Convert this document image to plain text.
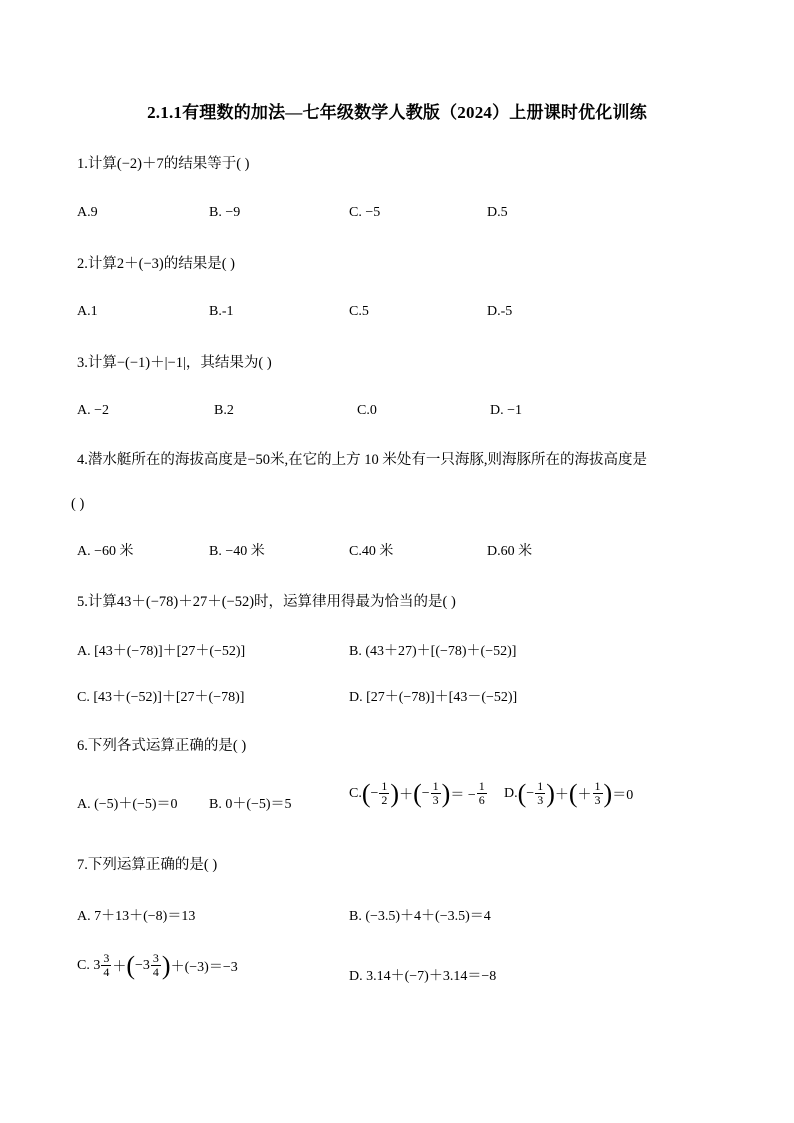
2.1.1有理数的加法—七年级数学人教版（2024）上册课时优化训练
1.计算(−2)＋7的结果等于( )
A.9	B. −9	C. −5	D.5
2.计算2＋(−3)的结果是( )
A.1	B.-1	C.5	D.-5
3.计算−(−1)＋|−1|，其结果为( )
A. −2	B.2	C.0	D. −1
4.潜水艇所在的海拔高度是−50米,在它的上方 10 米处有一只海豚,则海豚所在的海拔高度是
( )
A. −60 米	B. −40 米	C.40 米	D.60 米
5.计算43＋(−78)＋27＋(−52)时，运算律用得最为恰当的是( )
A. [43＋(−78)]＋[27＋(−52)]	B. (43＋27)＋[(−78)＋(−52)]
C. [43＋(−52)]＋[27＋(−78)]	D. [27＋(−78)]＋[43－(−52)]
6.下列各式运算正确的是( )
A. (−5)＋(−5)＝0 B. 0＋(−5)＝5
C. ( − $\frac{1}{2}$ ) ＋ ( − $\frac{1}{3}$ ) ＝ − $\frac{1}{6} D$. ( − $\frac{1}{3}$ ) ＋ ( ＋ $\frac{1}{3}$ ) ＝0
7.下列运算正确的是( )
A. 7＋13＋(−8)＝13	B. (−3.5)＋4＋(−3.5)＝4
C. $3 \frac{3}{4}$ ＋ ( $-3 \frac{3}{4}$ ) ＋(−3)＝−3
D. 3.14＋(−7)＋3.14＝−8
